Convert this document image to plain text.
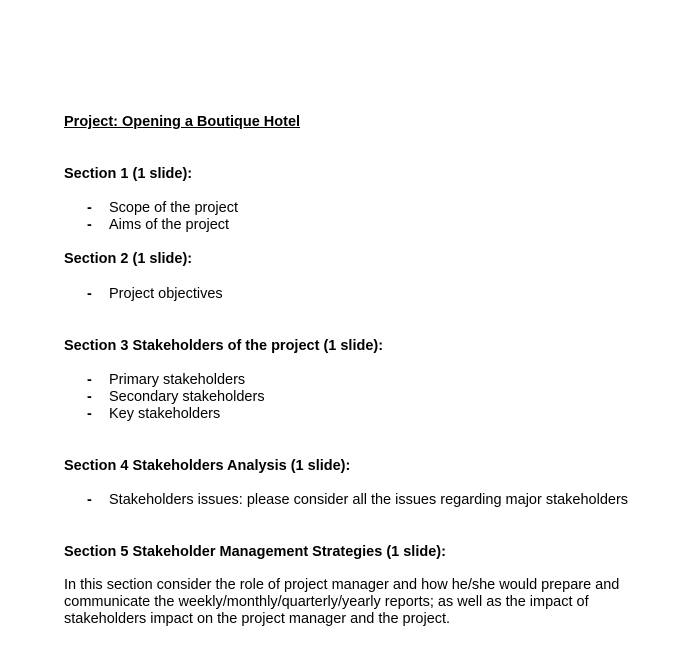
Project: Opening a Boutique Hotel
Section 1 (1 slide):
- Scope of the project
- Aims of the project
Section 2 (1 slide):
- Project objectives
Section 3 Stakeholders of the project (1 slide):
- Primary stakeholders
- Secondary stakeholders
- Key stakeholders
Section 4 Stakeholders Analysis (1 slide):
- Stakeholders issues: please consider all the issues regarding major stakeholders
Section 5 Stakeholder Management Strategies (1 slide):
In this section consider the role of project manager and how he/she would prepare and communicate the weekly/monthly/quarterly/yearly reports; as well as the impact of stakeholders impact on the project manager and the project.
